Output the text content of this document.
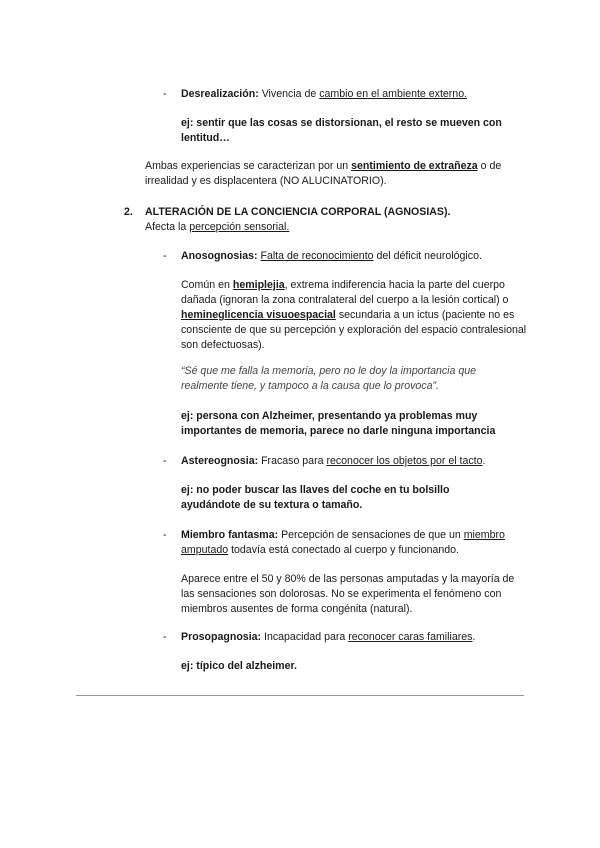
- Desrealización: Vivencia de cambio en el ambiente externo.
ej: sentir que las cosas se distorsionan, el resto se mueven con lentitud…
Ambas experiencias se caracterizan por un sentimiento de extrañeza o de irrealidad y es displacentera (NO ALUCINATORIO).
2. ALTERACIÓN DE LA CONCIENCIA CORPORAL (AGNOSIAS).
Afecta la percepción sensorial.
- Anosognosias: Falta de reconocimiento del déficit neurológico.
Común en hemiplejia, extrema indiferencia hacia la parte del cuerpo dañada (ignoran la zona contralateral del cuerpo a la lesión cortical) o hemineglicencia visuoespacial secundaria a un ictus (paciente no es consciente de que su percepción y exploración del espacio contralesional son defectuosas).
“Sé que me falla la memoria, pero no le doy la importancia que realmente tiene, y tampoco a la causa que lo provoca”.
ej: persona con Alzheimer, presentando ya problemas muy importantes de memoria, parece no darle ninguna importancia
- Astereognosia: Fracaso para reconocer los objetos por el tacto.
ej: no poder buscar las llaves del coche en tu bolsillo ayudándote de su textura o tamaño.
- Miembro fantasma: Percepción de sensaciones de que un miembro amputado todavía está conectado al cuerpo y funcionando.
Aparece entre el 50 y 80% de las personas amputadas y la mayoría de las sensaciones son dolorosas. No se experimenta el fenómeno con miembros ausentes de forma congénita (natural).
- Prosopagnosia: Incapacidad para reconocer caras familiares.
ej: típico del alzheimer.
